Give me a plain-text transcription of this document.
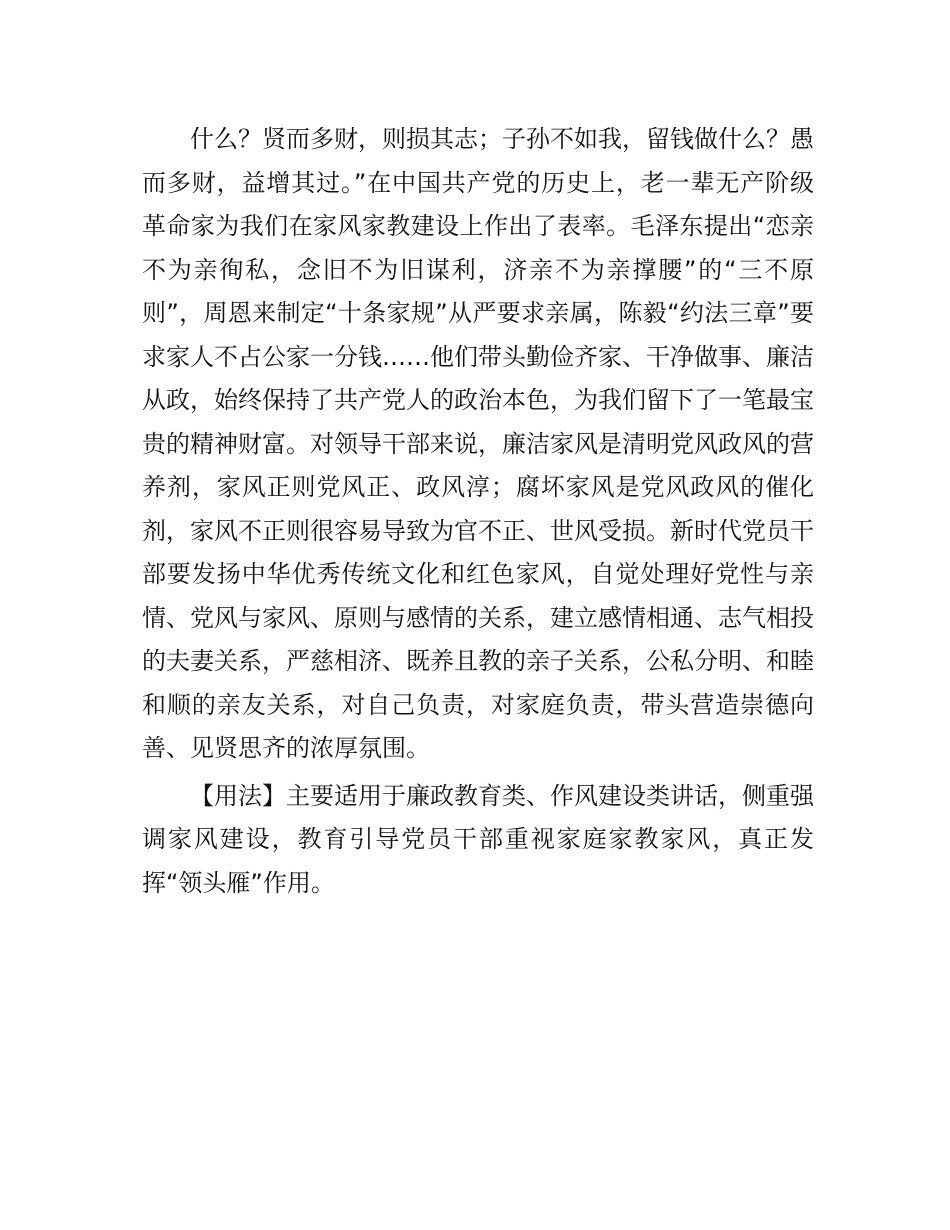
什么？贤而多财，则损其志；子孙不如我，留钱做什么？愚而多财，益增其过。”在中国共产党的历史上，老一辈无产阶级革命家为我们在家风家教建设上作出了表率。毛泽东提出“恋亲不为亲徇私，念旧不为旧谋利，济亲不为亲撑腰”的“三不原则”，周恩来制定“十条家规”从严要求亲属，陈毅“约法三章”要求家人不占公家一分钱……他们带头勤俭齐家、干净做事、廉洁从政，始终保持了共产党人的政治本色，为我们留下了一笔最宝贵的精神财富。对领导干部来说，廉洁家风是清明党风政风的营养剂，家风正则党风正、政风淳；腐坏家风是党风政风的催化剂，家风不正则很容易导致为官不正、世风受损。新时代党员干部要发扬中华优秀传统文化和红色家风，自觉处理好党性与亲情、党风与家风、原则与感情的关系，建立感情相通、志气相投的夫妻关系，严慈相济、既养且教的亲子关系，公私分明、和睦和顺的亲友关系，对自己负责，对家庭负责，带头营造崇德向善、见贤思齐的浓厚氛围。

【用法】主要适用于廉政教育类、作风建设类讲话，侧重强调家风建设，教育引导党员干部重视家庭家教家风，真正发挥“领头雁”作用。
